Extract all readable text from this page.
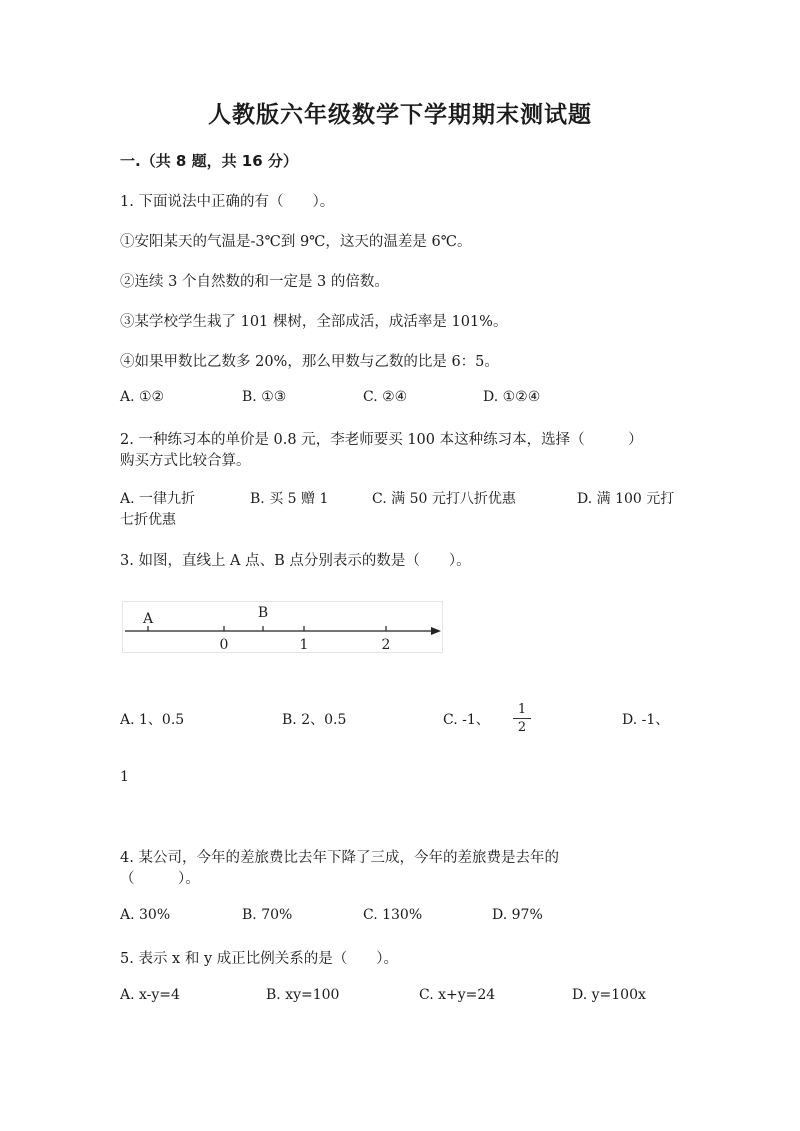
人教版六年级数学下学期期末测试题
一.（共 8 题，共 16 分）
1. 下面说法中正确的有（　　）。
①安阳某天的气温是-3℃到 9℃，这天的温差是 6℃。
②连续 3 个自然数的和一定是 3 的倍数。
③某学校学生栽了 101 棵树，全部成活，成活率是 101%。
④如果甲数比乙数多 20%，那么甲数与乙数的比是 6：5。
A. ①②	B. ①③	C. ②④	D. ①②④
2. 一种练习本的单价是 0.8 元，李老师要买 100 本这种练习本，选择（　　　）
购买方式比较合算。
A. 一律九折	B. 买 5 赠 1	C. 满 50 元打八折优惠	D. 满 100 元打
七折优惠
3. 如图，直线上 A 点、B 点分别表示的数是（　　）。
A	B
0	1	2
A. 1、0.5	B. 2、0.5	C. -1、
1
2	D. -1、
1
4. 某公司，今年的差旅费比去年下降了三成，今年的差旅费是去年的
（　　　）。
A. 30%	B. 70%	C. 130%	D. 97%
5. 表示 x 和 y 成正比例关系的是（　　）。
A. x-y=4	B. xy=100	C. x+y=24	D. y=100x
